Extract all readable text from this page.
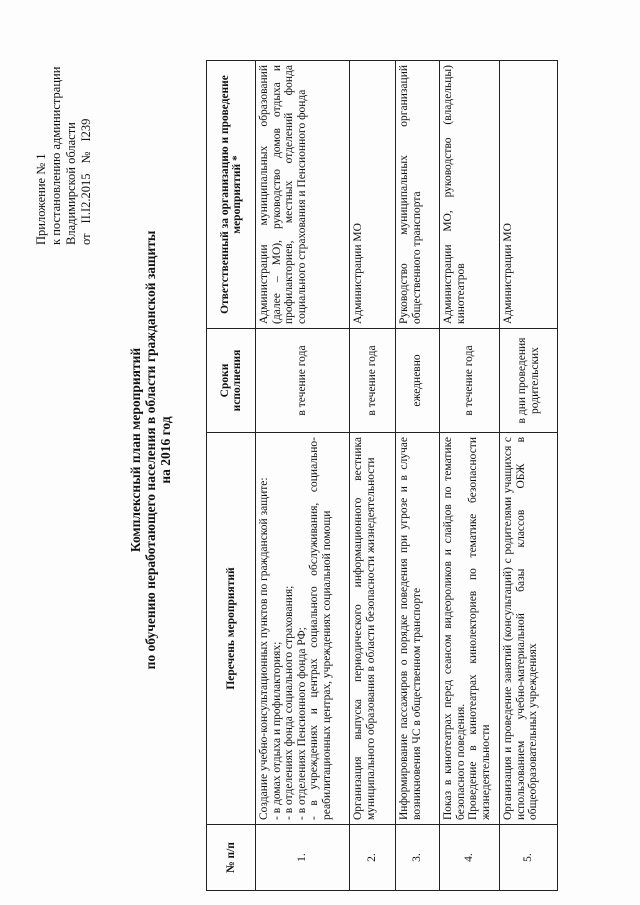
Приложение № 1 к постановлению администрации Владимирской области отII.I2.2015№I239
Комплексный план мероприятий по обучению неработающего населения в области гражданской защиты на 2016 год
№ п/п	Перечень мероприятий	Сроки исполнения	Ответственный за организацию и проведение мероприятий *
1.	Создание учебно-консультационных пунктов по гражданской защите: - в домах отдыха и профилакториях; - в отделениях фонда социального страхования; - в отделениях Пенсионного фонда РФ; - в учреждениях и центрах социального обслуживания, социально-реабилитационных центрах, учреждениях социальной помощи	в течение года	Администрации муниципальных образований (далее – МО), руководство домов отдыха и профилакториев, местных отделений фонда социального страхования и Пенсионного фонда
2.	Организация выпуска периодического информационного вестника муниципального образования в области безопасности жизнедеятельности	в течение года	Администрации МО
3.	Информирование пассажиров о порядке поведения при угрозе и в случае возникновения ЧС в общественном транспорте	ежедневно	Руководство муниципальных организаций общественного транспорта
4.	Показ в кинотеатрах перед сеансом видеороликов и слайдов по тематике безопасного поведения. Проведение в кинотеатрах кинолекториев по тематике безопасности жизнедеятельности	в течение года	Администрации МО, руководство (владельцы) кинотеатров
5.	Организация и проведение занятий (консультаций) с родителями учащихся с использованием учебно-материальной базы классов ОБЖ в общеобразовательных учреждениях	в дни проведения родительских	Администрации МО
